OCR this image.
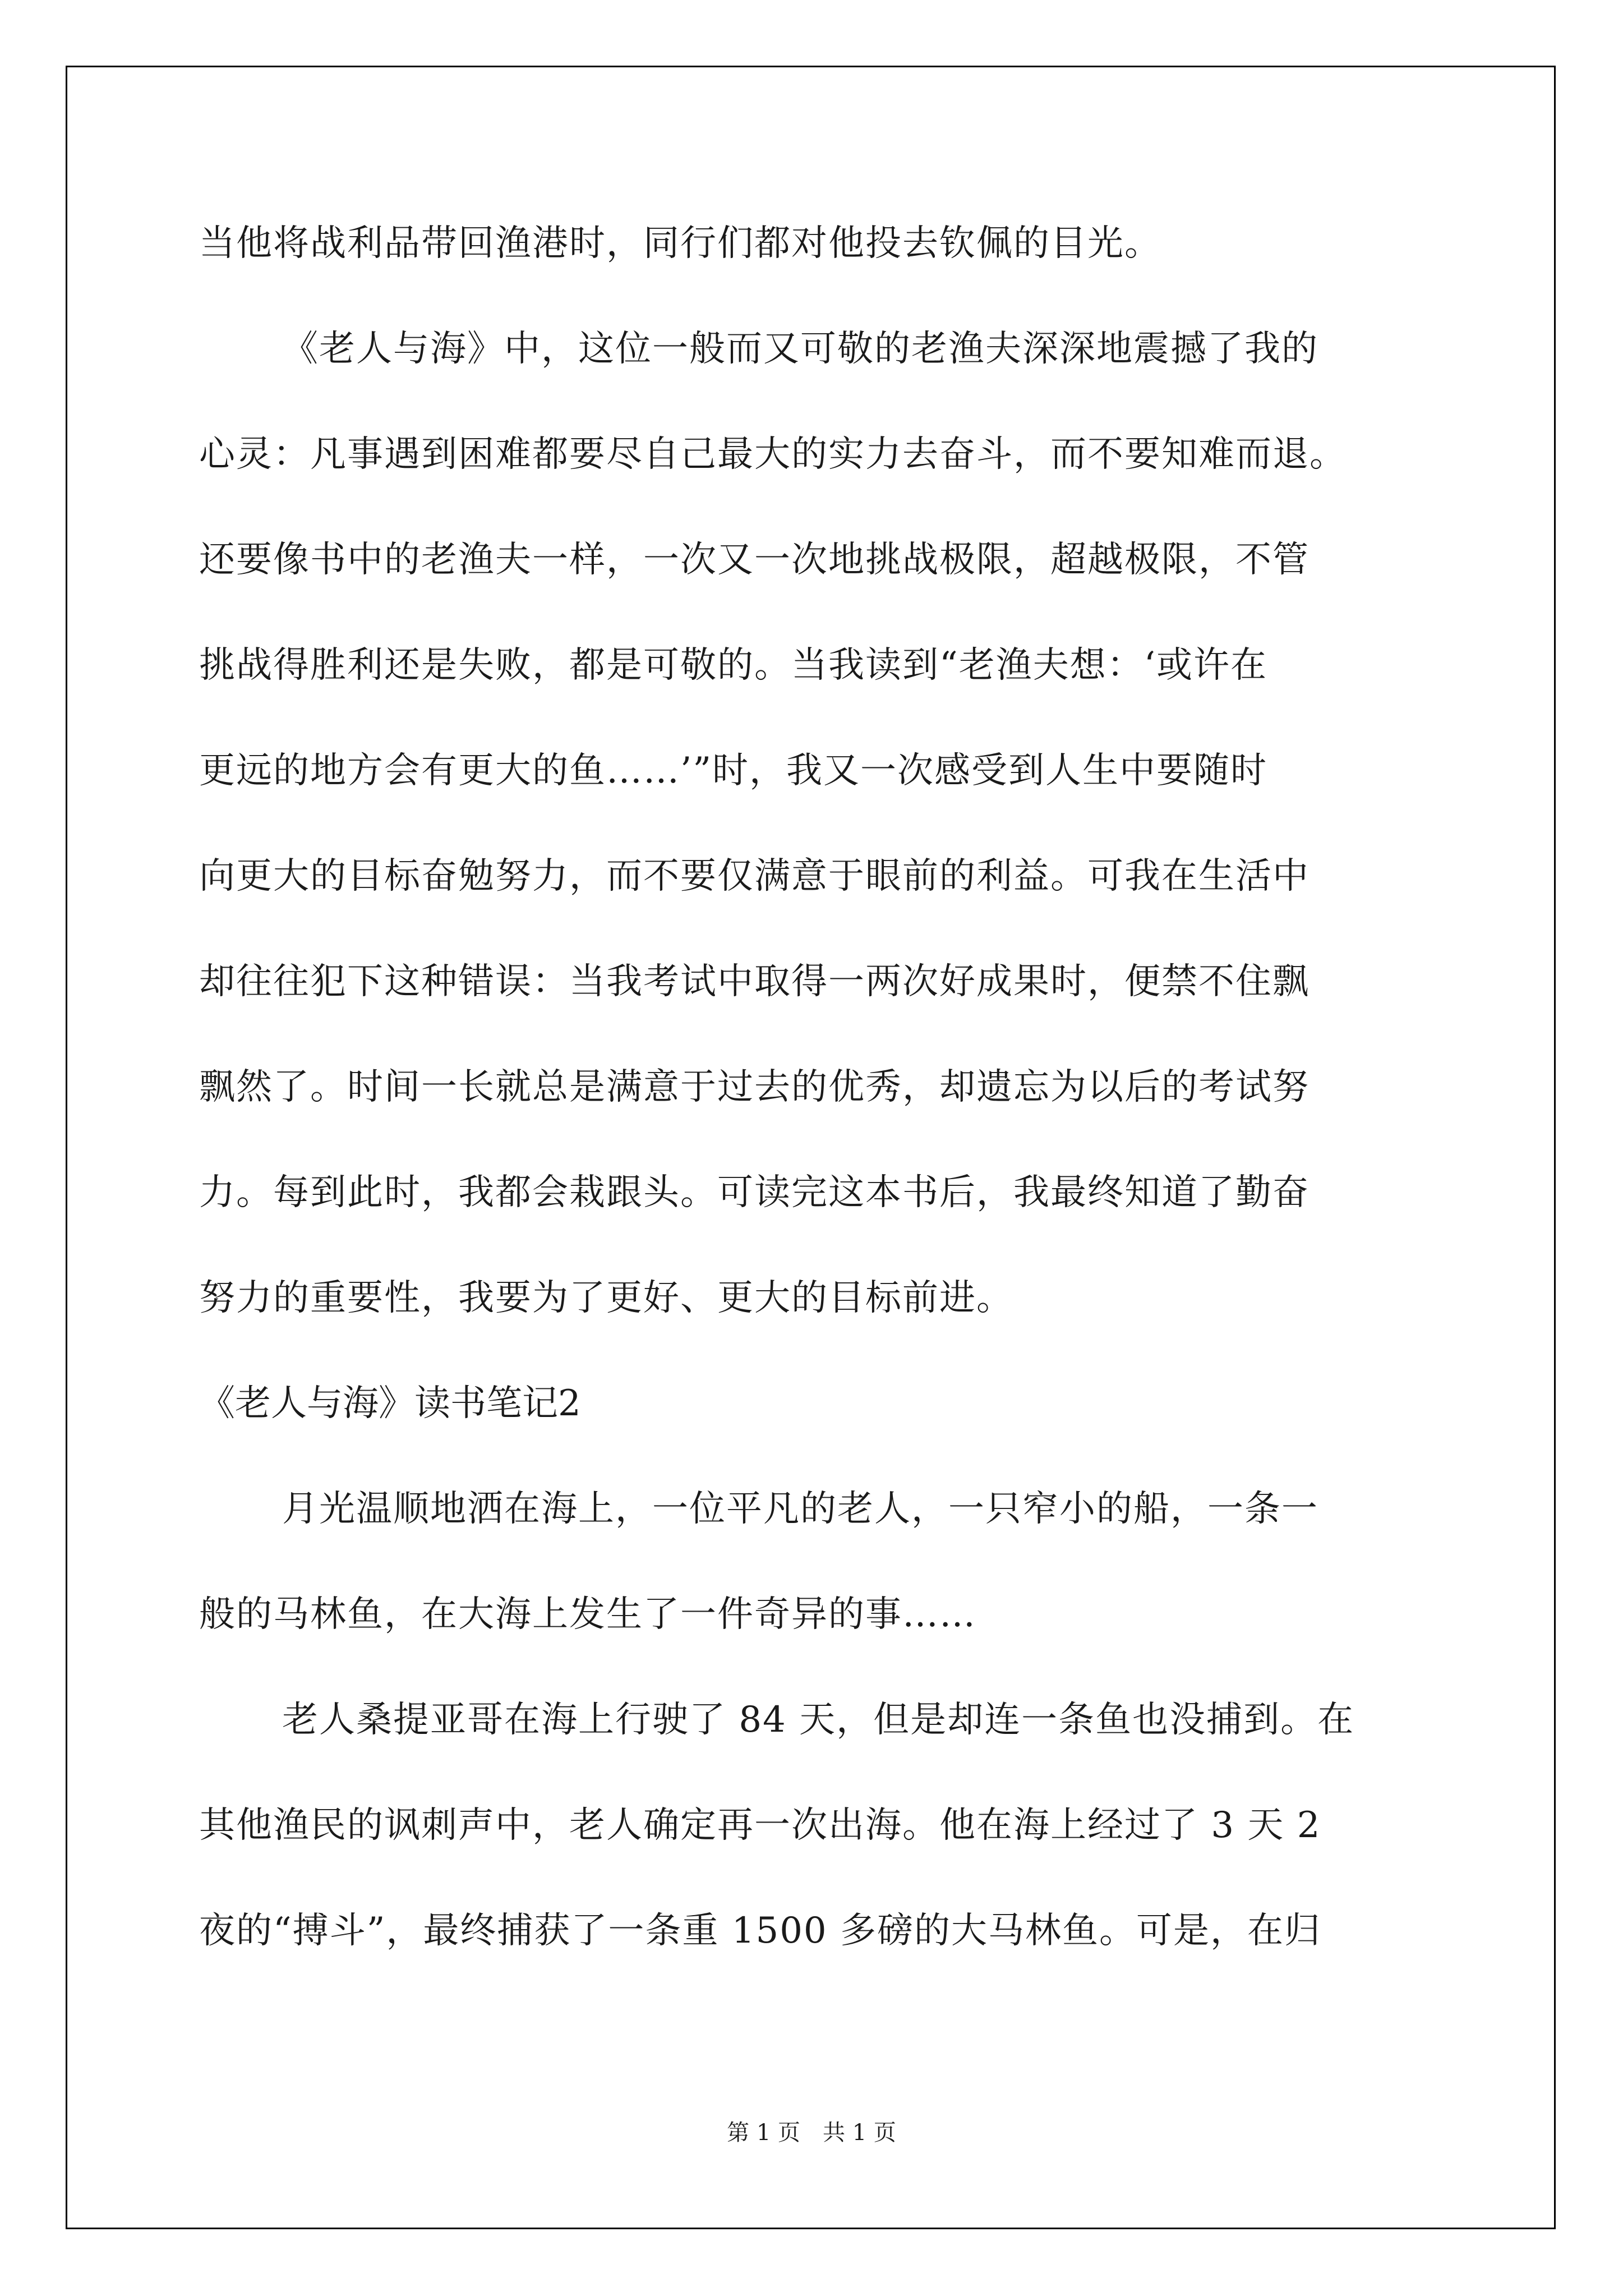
当他将战利品带回渔港时，同行们都对他投去钦佩的目光。
《老人与海》中，这位一般而又可敬的老渔夫深深地震撼了我的
心灵：凡事遇到困难都要尽自己最大的实力去奋斗，而不要知难而退。
还要像书中的老渔夫一样，一次又一次地挑战极限，超越极限，不管
挑战得胜利还是失败，都是可敬的。当我读到“老渔夫想：‘或许在
更远的地方会有更大的鱼……’”时，我又一次感受到人生中要随时
向更大的目标奋勉努力，而不要仅满意于眼前的利益。可我在生活中
却往往犯下这种错误：当我考试中取得一两次好成果时，便禁不住飘
飘然了。时间一长就总是满意于过去的优秀，却遗忘为以后的考试努
力。每到此时，我都会栽跟头。可读完这本书后，我最终知道了勤奋
努力的重要性，我要为了更好、更大的目标前进。
《老人与海》读书笔记2
月光温顺地洒在海上，一位平凡的老人，一只窄小的船，一条一
般的马林鱼，在大海上发生了一件奇异的事……
老人桑提亚哥在海上行驶了 84 天，但是却连一条鱼也没捕到。在
其他渔民的讽刺声中，老人确定再一次出海。他在海上经过了 3 天 2
夜的“搏斗”，最终捕获了一条重 1500 多磅的大马林鱼。可是，在归
第 1 页　共 1 页
